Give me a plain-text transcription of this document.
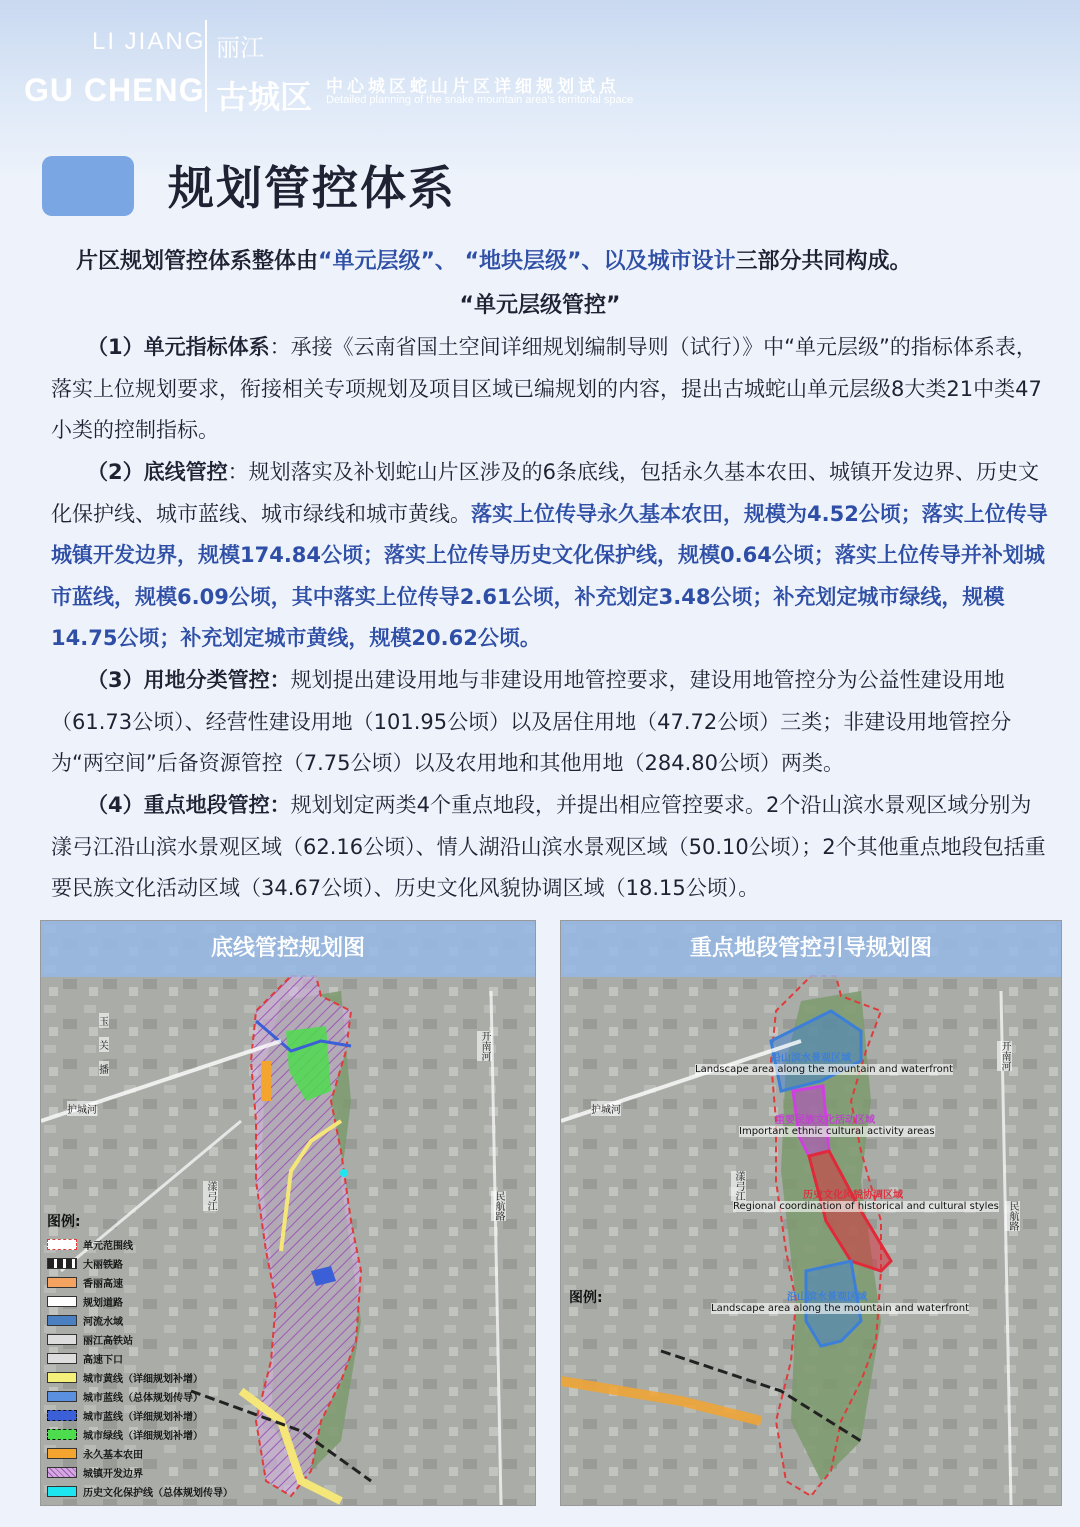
LI JIANG
GU CHENG
丽江
古城区 中心城区蛇山片区详细规划试点
Detailed planning of the snake mountain area's territorial space
规划管控体系
片区规划管控体系整体由“单元层级”、 “地块层级”、以及城市设计三部分共同构成。
“单元层级管控”
（1）单元指标体系：承接《云南省国土空间详细规划编制导则（试行）》中“单元层级”的指标体系表，落实上位规划要求，衔接相关专项规划及项目区域已编规划的内容，提出古城蛇山单元层级8大类21中类47小类的控制指标。
（2）底线管控：规划落实及补划蛇山片区涉及的6条底线，包括永久基本农田、城镇开发边界、历史文化保护线、城市蓝线、城市绿线和城市黄线。落实上位传导永久基本农田，规模为4.52公顷；落实上位传导城镇开发边界，规模174.84公顷；落实上位传导历史文化保护线，规模0.64公顷；落实上位传导并补划城市蓝线，规模6.09公顷，其中落实上位传导2.61公顷，补充划定3.48公顷；补充划定城市绿线，规模14.75公顷；补充划定城市黄线，规模20.62公顷。
（3）用地分类管控：规划提出建设用地与非建设用地管控要求，建设用地管控分为公益性建设用地（61.73公顷）、经营性建设用地（101.95公顷）以及居住用地（47.72公顷）三类；非建设用地管控分为“两空间”后备资源管控（7.75公顷）以及农用地和其他用地（284.80公顷）两类。
（4）重点地段管控：规划划定两类4个重点地段，并提出相应管控要求。2个沿山滨水景观区域分别为漾弓江沿山滨水景观区域（62.16公顷）、情人湖沿山滨水景观区域（50.10公顷）；2个其他重点地段包括重要民族文化活动区域（34.67公顷）、历史文化风貌协调区域（18.15公顷）。
底线管控规划图
玉
关
播
开南河
护城河
漾弓江	民航路
图例:
单元范围线
大丽铁路
香丽高速
规划道路
河流水域
丽江高铁站
高速下口
城市黄线（详细规划补增）
城市蓝线（总体规划传导）
城市蓝线（详细规划补增）
城市绿线（详细规划补增）
永久基本农田
城镇开发边界
历史文化保护线（总体规划传导）
重点地段管控引导规划图
开南河
护城河
漾弓江
民航路
沿山滨水景观区域
Landscape area along the mountain and waterfront
重要民族文化活动区域
Important ethnic cultural activity areas
历史文化风貌协调区域
Regional coordination of historical and cultural styles
沿山滨水景观区域
Landscape area along the mountain and waterfront
图例:
